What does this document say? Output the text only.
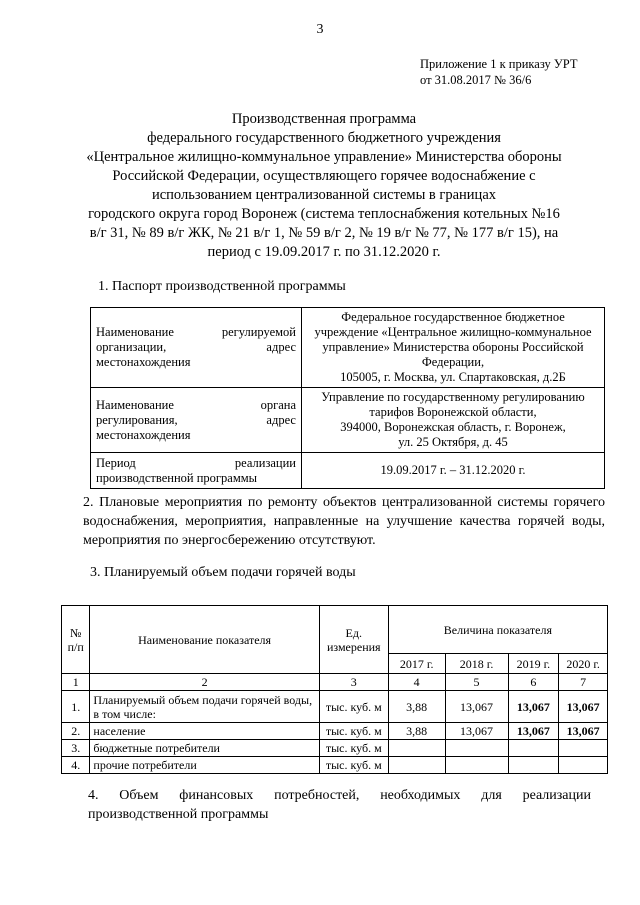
3
Приложение 1 к приказу УРТ
от 31.08.2017 № 36/6
Производственная программа
федерального государственного бюджетного учреждения
«Центральное жилищно-коммунальное управление» Министерства обороны
Российской Федерации, осуществляющего горячее водоснабжение с
использованием централизованной системы в границах
городского округа город Воронеж (система теплоснабжения котельных №16
в/г 31, № 89 в/г ЖК, № 21 в/г 1, № 59 в/г 2, № 19 в/г № 77, № 177 в/г 15), на
период с 19.09.2017 г. по 31.12.2020 г.
1. Паспорт производственной программы
Наименование регулируемой организации, адрес местонахождения	Федеральное государственное бюджетное
учреждение «Центральное жилищно-коммунальное
управление» Министерства обороны Российской
Федерации,
105005, г. Москва, ул. Спартаковская, д.2Б

Наименование органа регулирования, адрес местонахождения	Управление по государственному регулированию
тарифов Воронежской области,
394000, Воронежская область, г. Воронеж,
ул. 25 Октября, д. 45

Период реализации производственной программы	19.09.2017 г. – 31.12.2020 г.
2. Плановые мероприятия по ремонту объектов централизованной системы горячего водоснабжения, мероприятия, направленные на улучшение качества горячей воды, мероприятия по энергосбережению отсутствуют.
3. Планируемый объем подачи горячей воды
№ п/п	Наименование показателя	Ед. измерения	Величина показателя			
			2017 г.	2018 г.	2019 г.	2020 г.
1	2	3	4	5	6	7
1.	Планируемый объем подачи горячей воды, в том числе:	тыс. куб. м	3,88	13,067	13,067	13,067
2.	население	тыс. куб. м	3,88	13,067	13,067	13,067
3.	бюджетные потребители	тыс. куб. м				
4.	прочие потребители	тыс. куб. м				
4. Объем финансовых потребностей, необходимых для реализации производственной программы
